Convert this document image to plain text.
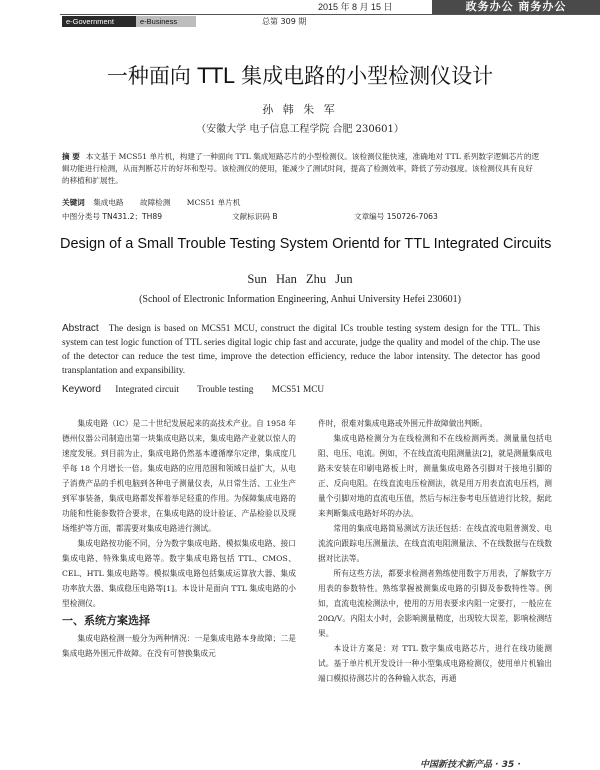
2015 年 8 月 15 日	政务办公 商务办公
e-Government	e-Business	总第 309 期
一种面向 TTL 集成电路的小型检测仪设计
孙 韩 朱 军
（安徽大学 电子信息工程学院 合肥 230601）
摘 要 本文基于 MCS51 单片机，构建了一种面向 TTL 集成短路芯片的小型检测仪。该检测仪能快速，准确地对 TTL 系列数字逻辑芯片的逻辑功能进行检测，从而判断芯片的好坏和型号。该检测仪的使用，能减少了测试时间，提高了检测效率，降低了劳动强度。该检测仪具有良好的移植和扩展性。
关键词 集成电路 故障检测 MCS51 单片机
中图分类号 TN431.2；TH89	文献标识码 B	文章编号 150726-7063
Design of a Small Trouble Testing System Orientd for TTL Integrated Circuits
Sun Han Zhu Jun
(School of Electronic Information Engineering, Anhui University Hefei 230601)
Abstract The design is based on MCS51 MCU, construct the digital ICs trouble testing system design for the TTL. This system can test logic function of TTL series digital logic chip fast and accurate, judge the quality and model of the chip. The use of the detector can reduce the test time, improve the detection efficiency, reduce the labor intensity. The detector has good transplantation and expansibility.
Keyword Integrated circuit Trouble testing MCS51 MCU

集成电路（IC）是二十世纪发展起来的高技术产业。自 1958 年德州仪器公司制造出第一块集成电路以来，集成电路产业就以惊人的速度发展。到目前为止，集成电路仍然基本遵循摩尔定律，集成度几乎每 18 个月增长一倍。集成电路的应用范围和领域日益扩大，从电子消费产品的手机电脑到各种电子测量仪表，从日常生活、工业生产到军事装备，集成电路都发挥着举足轻重的作用。为保障集成电路的功能和性能参数符合要求，在集成电路的设计验证、产品检验以及现场维护等方面，都需要对集成电路进行测试。

集成电路按功能不同，分为数字集成电路、模拟集成电路、接口集成电路、特殊集成电路等。数字集成电路包括 TTL、CMOS、CEL、HTL 集成电路等。模拟集成电路包括集成运算放大器、集成功率放大器、集成稳压电路等[1]。本设计是面向 TTL 集成电路的小型检测仪。

一、系统方案选择

集成电路检测一般分为两种情况：一是集成电路本身故障；二是集成电路外围元件故障。在没有可替换集成元

件时，很难对集成电路或外围元件故障做出判断。

集成电路检测分为在线检测和不在线检测两类。测量量包括电阻、电压、电流。例如，不在线直流电阻测量法[2]，就是测量集成电路未安装在印刷电路板上时，测量集成电路各引脚对于接地引脚的正、反向电阻。在线直流电压检测法，就是用万用表直流电压档，测量个引脚对地的直流电压值，然后与标注参考电压值进行比较，据此来判断集成电路好坏的办法。

常用的集成电路简易测试方法还包括：在线直流电阻普测发、电流流向跟踪电压测量法、在线直流电阻测量法、不在线数据与在线数据对比法等。

所有这些方法，都要求检测者熟练使用数字万用表，了解数字万用表的参数特性。熟练掌握被测集成电路的引脚及参数特性等。例如，直流电流检测法中，使用的万用表要求内阻一定要打，一般应在 20Ω/V。内阻太小时，会影响测量精度，出现较大误差，影响检测结果。

本设计方案是：对 TTL 数字集成电路芯片，进行在线功能测试。基于单片机开发设计一种小型集成电路检测仪，使用单片机输出端口模拟待测芯片的各种输入状态，再通

中国新技术新产品 · 35 ·
